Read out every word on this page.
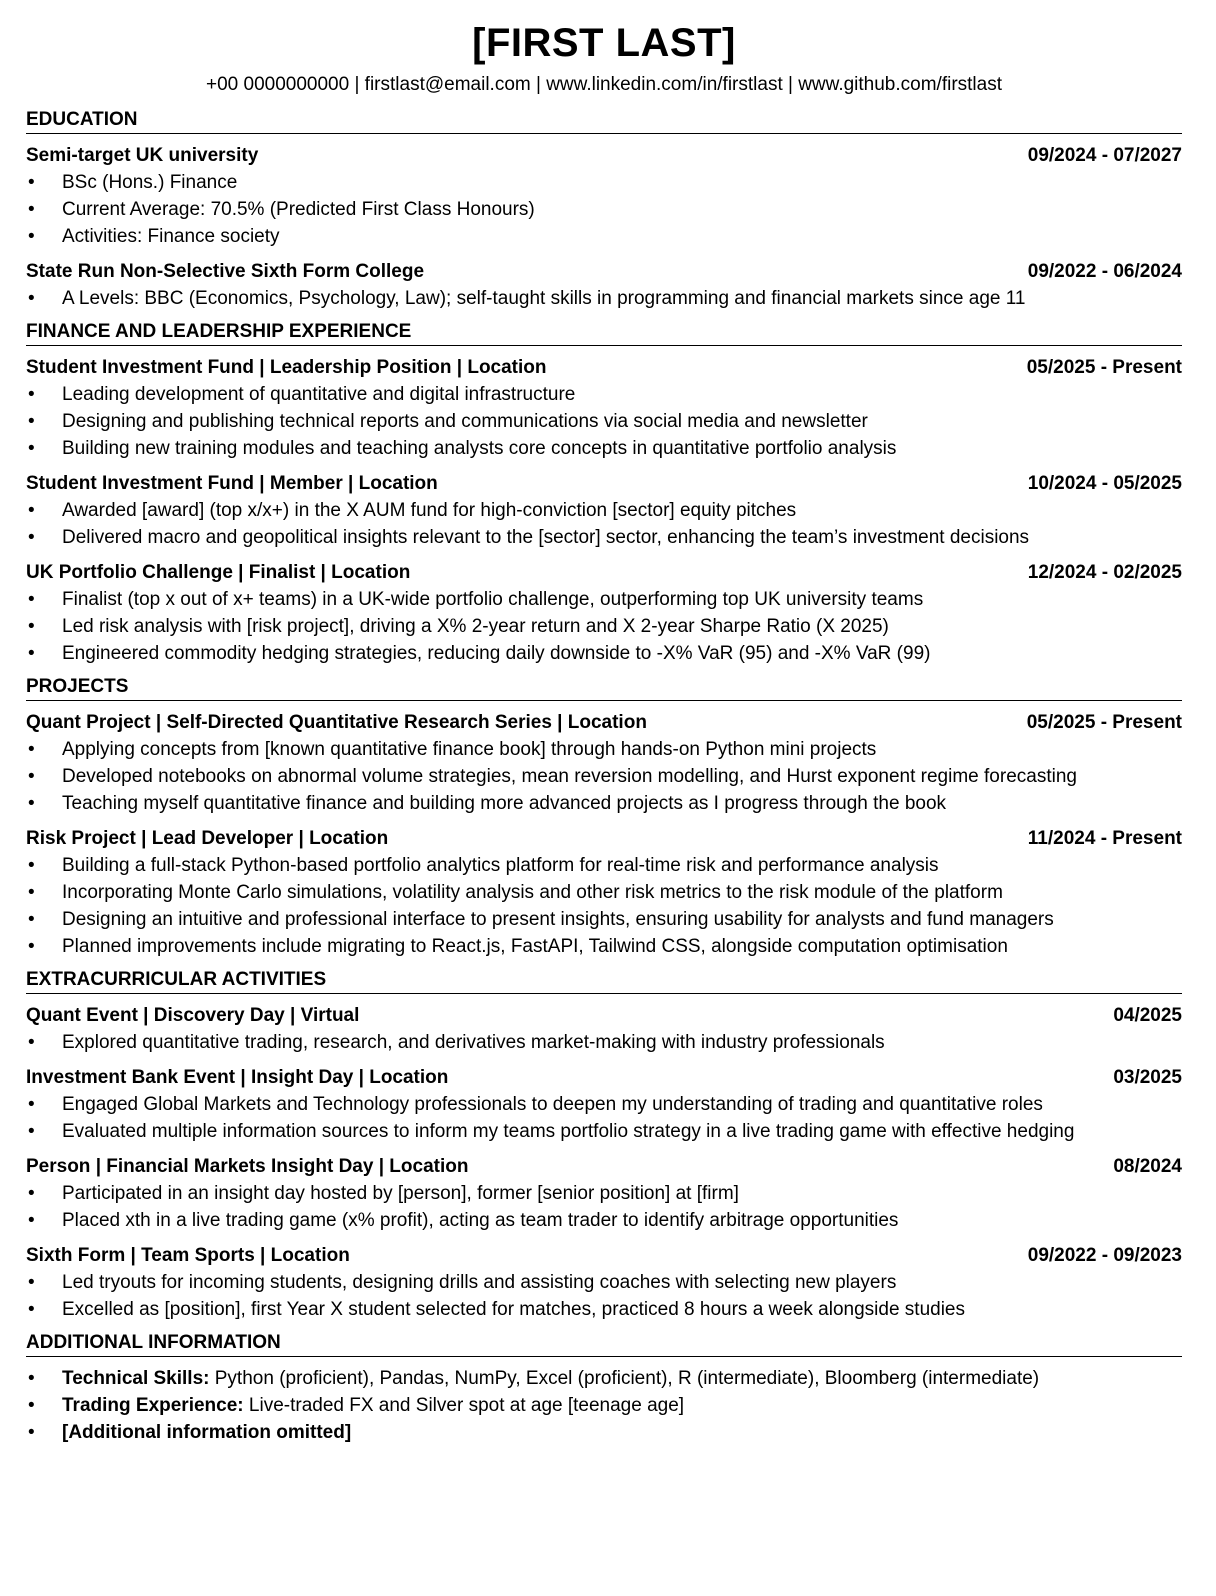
[FIRST LAST]
+00 0000000000 | firstlast@email.com | www.linkedin.com/in/firstlast | www.github.com/firstlast
EDUCATION
Semi-target UK university	09/2024 - 07/2027
• BSc (Hons.) Finance
• Current Average: 70.5% (Predicted First Class Honours)
• Activities: Finance society
State Run Non-Selective Sixth Form College	09/2022 - 06/2024
• A Levels: BBC (Economics, Psychology, Law); self-taught skills in programming and financial markets since age 11
FINANCE AND LEADERSHIP EXPERIENCE
Student Investment Fund | Leadership Position | Location	05/2025 - Present
• Leading development of quantitative and digital infrastructure
• Designing and publishing technical reports and communications via social media and newsletter
• Building new training modules and teaching analysts core concepts in quantitative portfolio analysis
Student Investment Fund | Member | Location	10/2024 - 05/2025
• Awarded [award] (top x/x+) in the X AUM fund for high-conviction [sector] equity pitches
• Delivered macro and geopolitical insights relevant to the [sector] sector, enhancing the team’s investment decisions
UK Portfolio Challenge | Finalist | Location	12/2024 - 02/2025
• Finalist (top x out of x+ teams) in a UK-wide portfolio challenge, outperforming top UK university teams
• Led risk analysis with [risk project], driving a X% 2-year return and X 2-year Sharpe Ratio (X 2025)
• Engineered commodity hedging strategies, reducing daily downside to -X% VaR (95) and -X% VaR (99)
PROJECTS
Quant Project | Self-Directed Quantitative Research Series | Location	05/2025 - Present
• Applying concepts from [known quantitative finance book] through hands-on Python mini projects
• Developed notebooks on abnormal volume strategies, mean reversion modelling, and Hurst exponent regime forecasting
• Teaching myself quantitative finance and building more advanced projects as I progress through the book
Risk Project | Lead Developer | Location	11/2024 - Present
• Building a full-stack Python-based portfolio analytics platform for real-time risk and performance analysis
• Incorporating Monte Carlo simulations, volatility analysis and other risk metrics to the risk module of the platform
• Designing an intuitive and professional interface to present insights, ensuring usability for analysts and fund managers
• Planned improvements include migrating to React.js, FastAPI, Tailwind CSS, alongside computation optimisation
EXTRACURRICULAR ACTIVITIES
Quant Event | Discovery Day | Virtual	04/2025
• Explored quantitative trading, research, and derivatives market-making with industry professionals
Investment Bank Event | Insight Day | Location	03/2025
• Engaged Global Markets and Technology professionals to deepen my understanding of trading and quantitative roles
• Evaluated multiple information sources to inform my teams portfolio strategy in a live trading game with effective hedging
Person | Financial Markets Insight Day | Location	08/2024
• Participated in an insight day hosted by [person], former [senior position] at [firm]
• Placed xth in a live trading game (x% profit), acting as team trader to identify arbitrage opportunities
Sixth Form | Team Sports | Location	09/2022 - 09/2023
• Led tryouts for incoming students, designing drills and assisting coaches with selecting new players
• Excelled as [position], first Year X student selected for matches, practiced 8 hours a week alongside studies
ADDITIONAL INFORMATION
• Technical Skills: Python (proficient), Pandas, NumPy, Excel (proficient), R (intermediate), Bloomberg (intermediate)
• Trading Experience: Live-traded FX and Silver spot at age [teenage age]
• [Additional information omitted]
